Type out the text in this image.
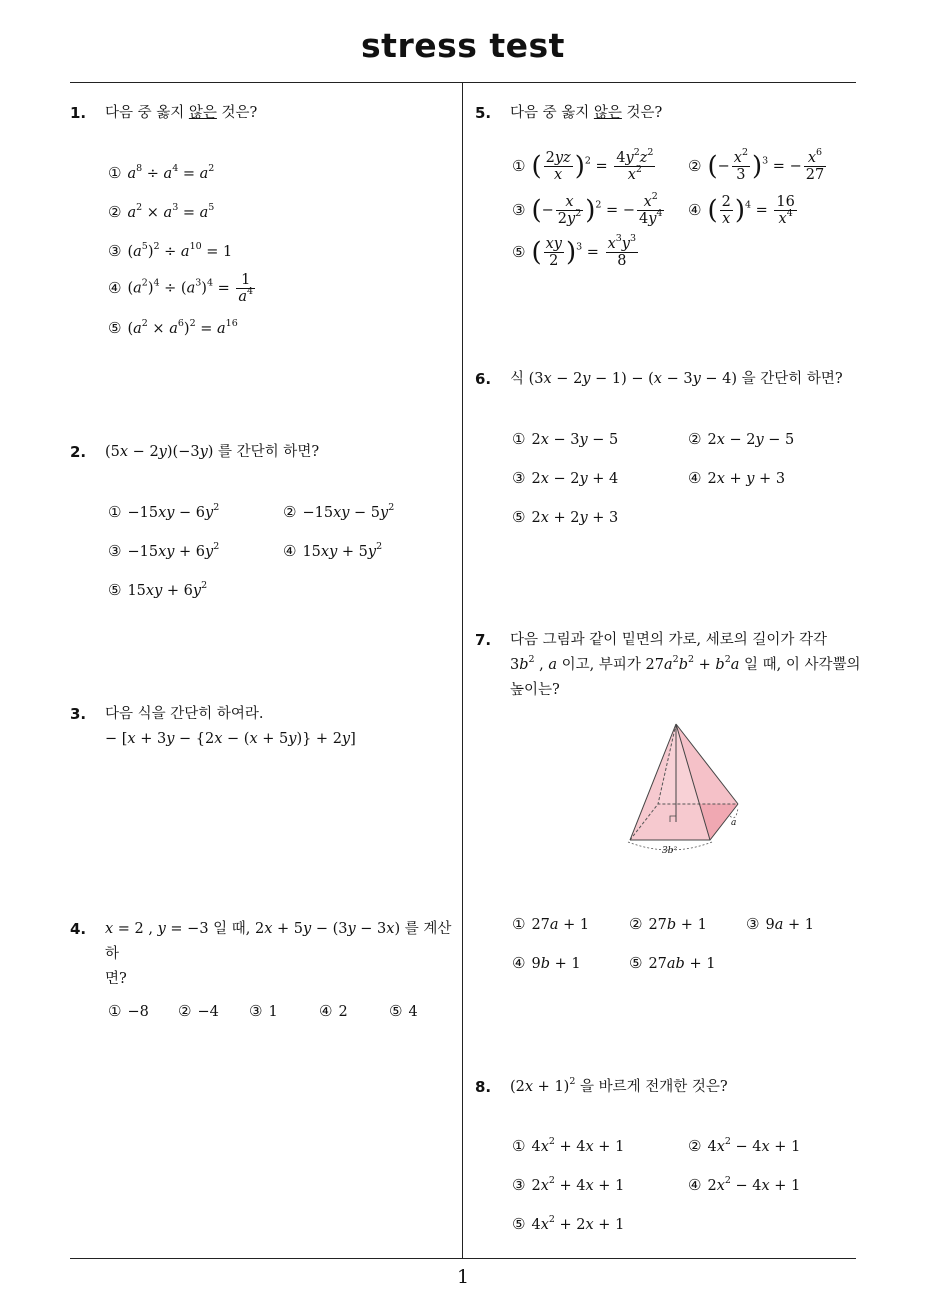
stress test
1
1. 다음 중 옳지 않은 것은?
① $a^8 \div a^4 = a^2$
② $a^2 \times a^3 = a^5$
③ $(a^5)^2 \div a^{10} = 1$
④ $(a^2)^4 \div (a^3)^4 = \frac{1}{a^4}$
⑤ $(a^2 \times a^6)^2 = a^{16}$
2. (5x − 2y)(−3y) 를 간단히 하면?
① $-15xy - 6y^2$	② $-15xy - 5y^2$
③ $-15xy + 6y^2$	④ $15xy + 5y^2$
⑤ $15xy + 6y^2$
3. 다음 식을 간단히 하여라.
− [x + 3y − {2x − (x + 5y)} + 2y]
4. x = 2 , y = −3 일 때, 2x + 5y − (3y − 3x) 를 계산하
면?
① −8 ② −4 ③ 1	④ 2	⑤ 4
5. 다음 중 옳지 않은 것은?
① ( $\frac{2yz}{x} )^2 = \frac{4y^2z^2}{x^2}$ ② (− $\frac{x^2}{3} )^3$ = − $\frac{x^6}{27}$
③ (− $\frac{x}{2y^2} )^2$ = − $\frac{x^2}{4y^4}$ ④ ( $\frac{2}{x} )^4 = \frac{16}{x^4}$
⑤ ( $\frac{xy}{2} )^3 = \frac{x^3y^3}{8}$
6. 식 (3x − 2y − 1) − (x − 3y − 4) 을 간단히 하면?
① 2x − 3y − 5	② 2x − 2y − 5
③ 2x − 2y + 4	④ 2x + y + 3
⑤ 2x + 2y + 3
7. 다음 그림과 같이 밑면의 가로, 세로의 길이가 각각
$3b^2$ , a 이고, 부피가 $27a^2b^2 + b^2a$ 일 때, 이 사각뿔의
높이는?
a
3b²
① 27a + 1	② 27b + 1	③ 9a + 1
④ 9b + 1	⑤ 27ab + 1
8. $(2x + 1)^2$ 을 바르게 전개한 것은?
① $4x^2 + 4x + 1$	② $4x^2 - 4x + 1$
③ $2x^2 + 4x + 1$	④ $2x^2 - 4x + 1$
⑤ $4x^2 + 2x + 1$
